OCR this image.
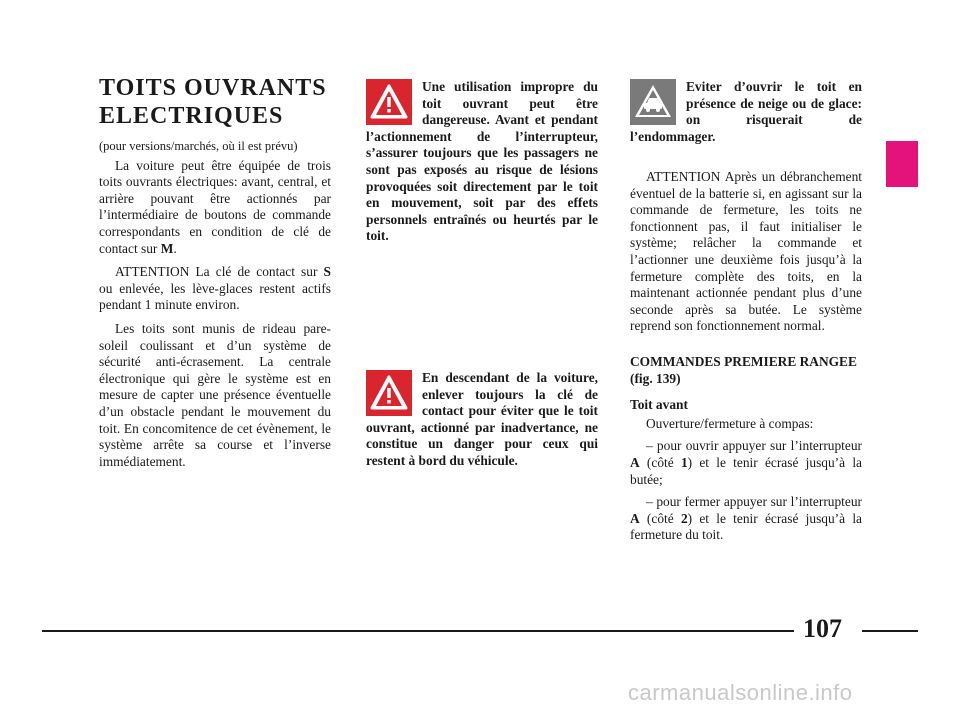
TOITS OUVRANTS
ELECTRIQUES

(pour versions/marchés, où il est prévu)

La voiture peut être équipée de trois toits ouvrants électriques: avant, central, et arrière pouvant être actionnés par l’intermédiaire de boutons de commande correspondants en condition de clé de contact sur M.

ATTENTION La clé de contact sur S ou enlevée, les lève-glaces restent actifs pendant 1 minute environ.

Les toits sont munis de rideau pare-soleil coulissant et d’un système de sécurité anti-écrasement. La centrale électronique qui gère le système est en mesure de capter une présence éventuelle d’un obstacle pendant le mouvement du toit. En concomitence de cet évènement, le système arrête sa course et l’inverse immédiatement.

Une utilisation impropre du toit ouvrant peut être dangereuse. Avant et pendant l’actionnement de l’interrupteur, s’assurer toujours que les passagers ne sont pas exposés au risque de lésions provoquées soit directement par le toit en mouvement, soit par des effets personnels entraînés ou heurtés par le toit.
En descendant de la voiture, enlever toujours la clé de contact pour éviter que le toit ouvrant, actionné par inadvertance, ne constitue un danger pour ceux qui restent à bord du véhicule.
Eviter d’ouvrir le toit en présence de neige ou de glace: on risquerait de l’endommager.

ATTENTION Après un débranchement éventuel de la batterie si, en agissant sur la commande de fermeture, les toits ne fonctionnent pas, il faut initialiser le système; relâcher la commande et l’actionner une deuxième fois jusqu’à la fermeture complète des toits, en la maintenant actionnée pendant plus d’une seconde après sa butée. Le système reprend son fonctionnement normal.

COMMANDES PREMIERE RANGEE (fig. 139)

Toit avant

Ouverture/fermeture à compas:

– pour ouvrir appuyer sur l’interrupteur A (côté 1) et le tenir écrasé jusqu’à la butée;

– pour fermer appuyer sur l’interrupteur A (côté 2) et le tenir écrasé jusqu’à la fermeture du toit.

107
carmanualsonline.info
